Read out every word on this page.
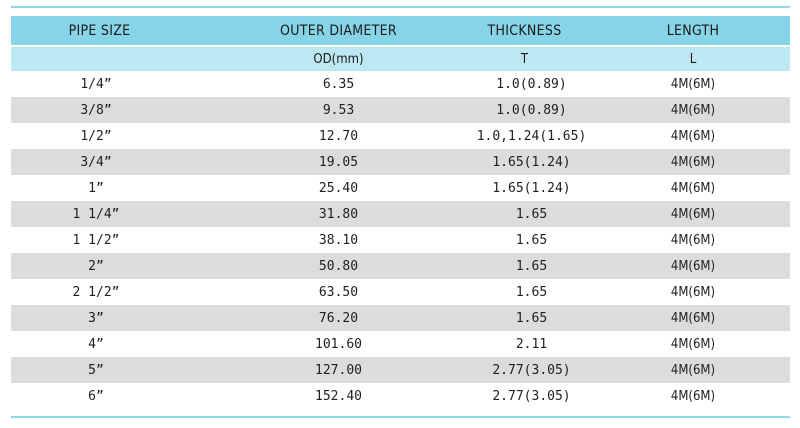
PIPE SIZE	OUTER DIAMETER	THICKNESS	LENGTH

	OD(mm)	T	L
1/4”	6.35	1.0(0.89)	4M(6M)
3/8”	9.53	1.0(0.89)	4M(6M)
1/2”	12.70	1.0,1.24(1.65)	4M(6M)
3/4”	19.05	1.65(1.24)	4M(6M)
1”	25.40	1.65(1.24)	4M(6M)
1 1/4”	31.80	1.65	4M(6M)
1 1/2”	38.10	1.65	4M(6M)
2”	50.80	1.65	4M(6M)
2 1/2”	63.50	1.65	4M(6M)
3”	76.20	1.65	4M(6M)
4”	101.60	2.11	4M(6M)
5”	127.00	2.77(3.05)	4M(6M)
6”	152.40	2.77(3.05)	4M(6M)
